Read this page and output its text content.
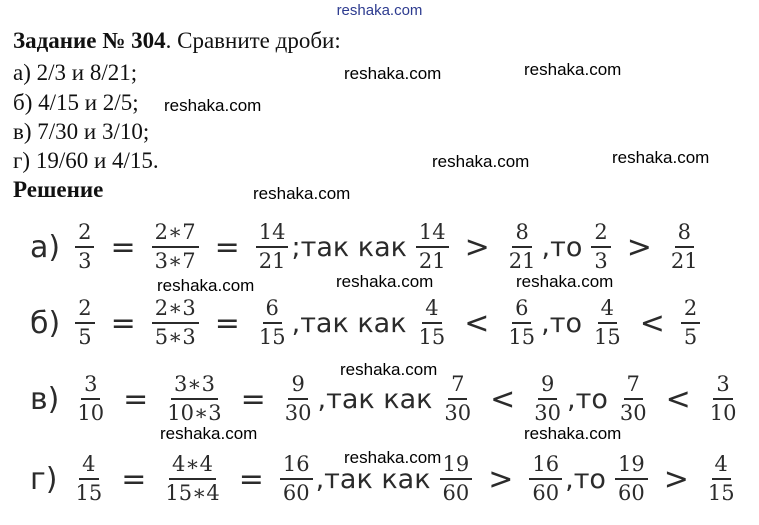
reshaka.com
Задание № 304. Сравните дроби:
а) 2/3 и 8/21;
б) 4/15 и 2/5;
в) 7/30 и 3/10;
г) 19/60 и 4/15.
Решение
reshaka.com	reshaka.com
reshaka.com
reshaka.com	reshaka.com
reshaka.com
reshaka.com	reshaka.com	reshaka.com
reshaka.com
reshaka.com	reshaka.com
reshaka.com
$а) \frac{2}{3} = \frac{2∗7}{3∗7} = \frac{14}{21}$ ; так как $\frac{14}{21} > \frac{8}{21}$ , то $\frac{2}{3} > \frac{8}{21}$
$б) \frac{2}{5} = \frac{2∗3}{5∗3} = \frac{6}{15}$ , так как $\frac{4}{15} < \frac{6}{15}$ , то $\frac{4}{15} < \frac{2}{5}$
$в) \frac{3}{10} = \frac{3∗3}{10∗3} = \frac{9}{30}$ , так как $\frac{7}{30} < \frac{9}{30}$ , то $\frac{7}{30} < \frac{3}{10}$
$г) \frac{4}{15} = \frac{4∗4}{15∗4} = \frac{16}{60}$ , так как $\frac{19}{60} > \frac{16}{60}$ , то $\frac{19}{60} > \frac{4}{15}$
